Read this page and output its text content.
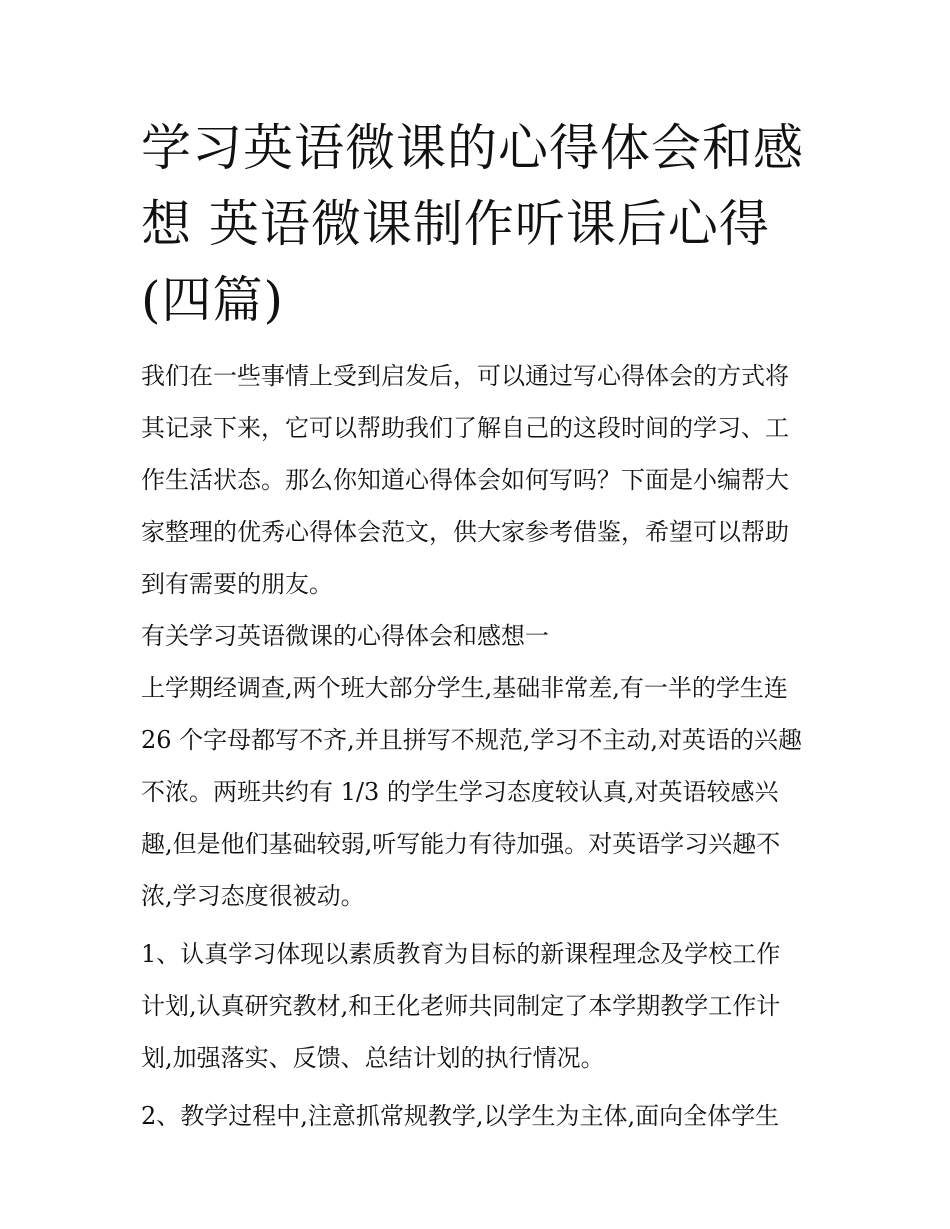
学习英语微课的心得体会和感
想 英语微课制作听课后心得
(四篇)

我们在一些事情上受到启发后，可以通过写心得体会的方式将
其记录下来，它可以帮助我们了解自己的这段时间的学习、工
作生活状态。那么你知道心得体会如何写吗？下面是小编帮大
家整理的优秀心得体会范文，供大家参考借鉴，希望可以帮助
到有需要的朋友。

有关学习英语微课的心得体会和感想一

上学期经调查,两个班大部分学生,基础非常差,有一半的学生连
26 个字母都写不齐,并且拼写不规范,学习不主动,对英语的兴趣
不浓。两班共约有 1/3 的学生学习态度较认真,对英语较感兴
趣,但是他们基础较弱,听写能力有待加强。对英语学习兴趣不
浓,学习态度很被动。

1、认真学习体现以素质教育为目标的新课程理念及学校工作
计划,认真研究教材,和王化老师共同制定了本学期教学工作计
划,加强落实、反馈、总结计划的执行情况。

2、教学过程中,注意抓常规教学,以学生为主体,面向全体学生
